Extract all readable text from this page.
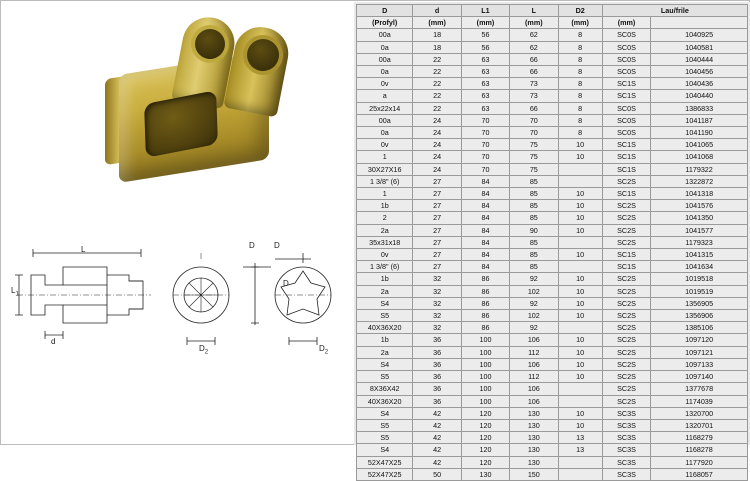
L
$L_1$
d
D
D
$D_2$
D
$D_2$
D	d	L1	L	D2	Lau/frile	
(Profyl)	(mm)	(mm)	(mm)	(mm)	(mm)	
00a	18	56	62	8	SC0S	1040925
0a	18	56	62	8	SC0S	1040581
00a	22	63	66	8	SC0S	1040444
0a	22	63	66	8	SC0S	1040456
0v	22	63	73	8	SC1S	1040436
a	22	63	73	8	SC1S	1040440
25x22x14	22	63	66	8	SC0S	1386833
00a	24	70	70	8	SC0S	1041187
0a	24	70	70	8	SC0S	1041190
0v	24	70	75	10	SC1S	1041065
1	24	70	75	10	SC1S	1041068
30X27X16	24	70	75		SC1S	1179322
1 3/8" (6)	27	84	85		SC2S	1322872
1	27	84	85	10	SC1S	1041318
1b	27	84	85	10	SC2S	1041576
2	27	84	85	10	SC2S	1041350
2a	27	84	90	10	SC2S	1041577
35x31x18	27	84	85		SC2S	1179323
0v	27	84	85	10	SC1S	1041315
1 3/8" (6)	27	84	85		SC1S	1041634
1b	32	86	92	10	SC2S	1019518
2a	32	86	102	10	SC2S	1019519
S4	32	86	92	10	SC2S	1356905
S5	32	86	102	10	SC2S	1356906
40X36X20	32	86	92		SC2S	1385106
1b	36	100	106	10	SC2S	1097120
2a	36	100	112	10	SC2S	1097121
S4	36	100	106	10	SC2S	1097133
S5	36	100	112	10	SC2S	1097140
8X36X42	36	100	106		SC2S	1377678
40X36X20	36	100	106		SC2S	1174039
S4	42	120	130	10	SC3S	1320700
S5	42	120	130	10	SC3S	1320701
S5	42	120	130	13	SC3S	1168279
S4	42	120	130	13	SC3S	1168278
52X47X25	42	120	130		SC3S	1177920
52X47X25	50	130	150		SC3S	1168057
